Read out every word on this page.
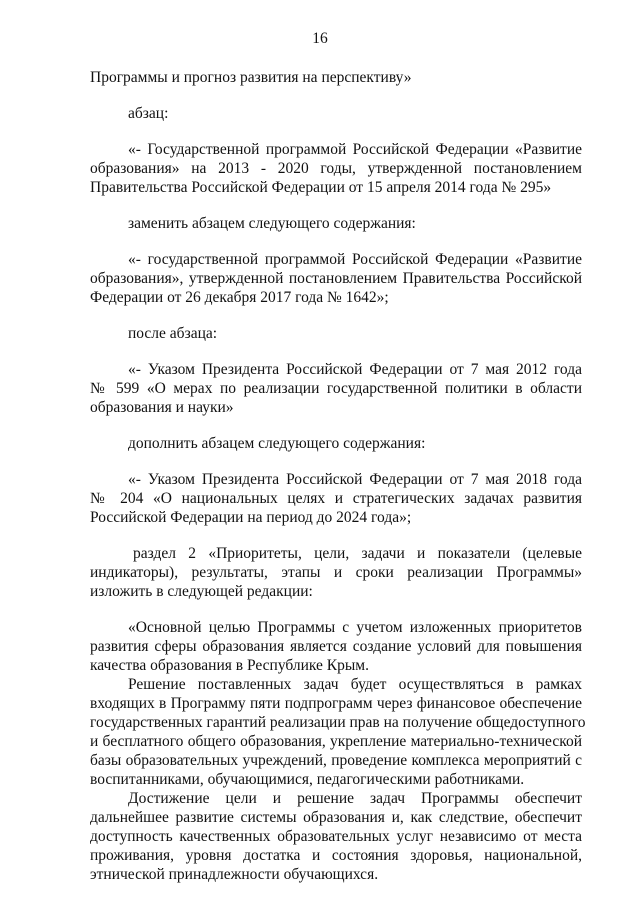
16
Программы и прогноз развития на перспективу»
абзац:
«- Государственной программой Российской Федерации «Развитие
образования» на 2013 - 2020 годы, утвержденной постановлением
Правительства Российской Федерации от 15 апреля 2014 года № 295»
заменить абзацем следующего содержания:
«- государственной программой Российской Федерации «Развитие
образования», утвержденной постановлением Правительства Российской
Федерации от 26 декабря 2017 года № 1642»;
после абзаца:
«- Указом Президента Российской Федерации от 7 мая 2012 года
№ 599 «О мерах по реализации государственной политики в области
образования и науки»
дополнить абзацем следующего содержания:
«- Указом Президента Российской Федерации от 7 мая 2018 года
№ 204 «О национальных целях и стратегических задачах развития
Российской Федерации на период до 2024 года»;
раздел 2 «Приоритеты, цели, задачи и показатели (целевые
индикаторы), результаты, этапы и сроки реализации Программы»
изложить в следующей редакции:
«Основной целью Программы с учетом изложенных приоритетов
развития сферы образования является создание условий для повышения
качества образования в Республике Крым.
Решение поставленных задач будет осуществляться в рамках
входящих в Программу пяти подпрограмм через финансовое обеспечение
государственных гарантий реализации прав на получение общедоступного
и бесплатного общего образования, укрепление материально-технической
базы образовательных учреждений, проведение комплекса мероприятий с
воспитанниками, обучающимися, педагогическими работниками.
Достижение цели и решение задач Программы обеспечит
дальнейшее развитие системы образования и, как следствие, обеспечит
доступность качественных образовательных услуг независимо от места
проживания, уровня достатка и состояния здоровья, национальной,
этнической принадлежности обучающихся.
